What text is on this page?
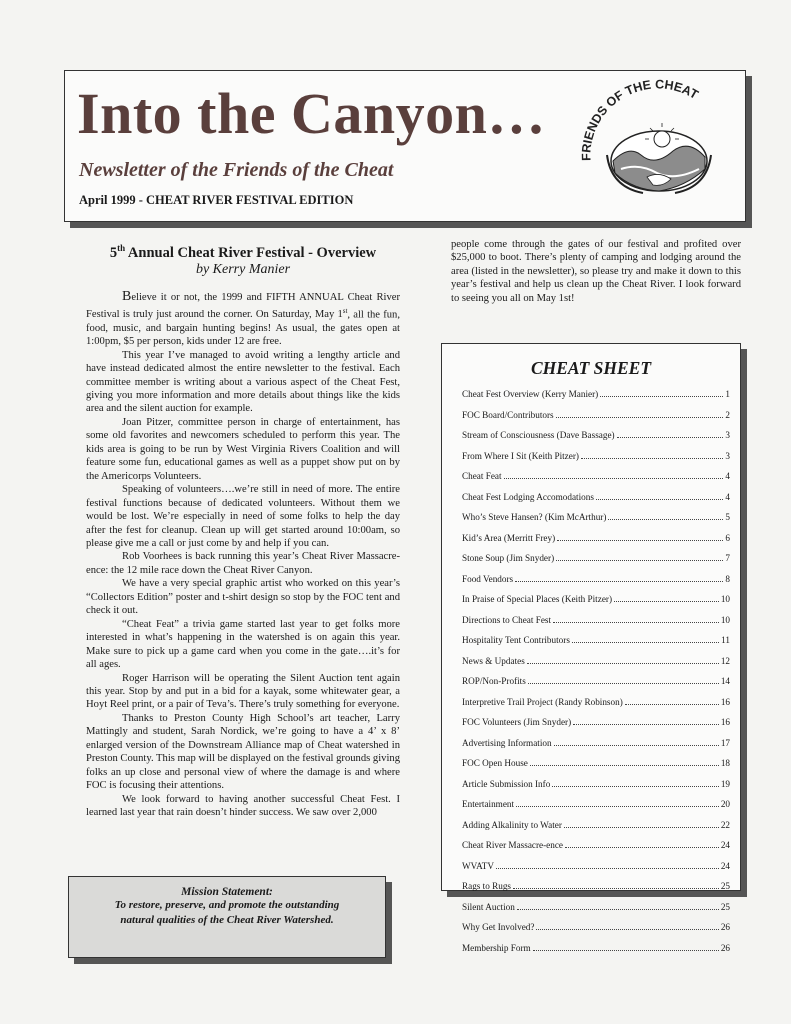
Into the Canyon…
Newsletter of the Friends of the Cheat
April 1999 - CHEAT RIVER FESTIVAL EDITION
FRIENDS OF THE CHEAT
5th Annual Cheat River Festival - Overview
by Kerry Manier

Believe it or not, the 1999 and FIFTH ANNUAL Cheat River Festival is truly just around the corner. On Saturday, May 1st, all the fun, food, music, and bargain hunting begins! As usual, the gates open at 1:00pm, $5 per person, kids under 12 are free.

This year I’ve managed to avoid writing a lengthy article and have instead dedicated almost the entire newsletter to the festival. Each committee member is writing about a various aspect of the Cheat Fest, giving you more information and more details about things like the kids area and the silent auction for example.

Joan Pitzer, committee person in charge of entertainment, has some old favorites and newcomers scheduled to perform this year. The kids area is going to be run by West Virginia Rivers Coalition and will feature some fun, educational games as well as a puppet show put on by the Americorps Volunteers.

Speaking of volunteers….we’re still in need of more. The entire festival functions because of dedicated volunteers. Without them we would be lost. We’re especially in need of some folks to help the day after the fest for cleanup. Clean up will get started around 10:00am, so please give me a call or just come by and help if you can.

Rob Voorhees is back running this year’s Cheat River Massacre-ence: the 12 mile race down the Cheat River Canyon.

We have a very special graphic artist who worked on this year’s “Collectors Edition” poster and t-shirt design so stop by the FOC tent and check it out.

“Cheat Feat” a trivia game started last year to get folks more interested in what’s happening in the watershed is on again this year. Make sure to pick up a game card when you come in the gate….it’s for all ages.

Roger Harrison will be operating the Silent Auction tent again this year. Stop by and put in a bid for a kayak, some whitewater gear, a Hoyt Reel print, or a pair of Teva’s. There’s truly something for everyone.

Thanks to Preston County High School’s art teacher, Larry Mattingly and student, Sarah Nordick, we’re going to have a 4’ x 8’ enlarged version of the Downstream Alliance map of Cheat watershed in Preston County. This map will be displayed on the festival grounds giving folks an up close and personal view of where the damage is and where FOC is focusing their attentions.

We look forward to having another successful Cheat Fest. I learned last year that rain doesn’t hinder success. We saw over 2,000

people come through the gates of our festival and profited over $25,000 to boot. There’s plenty of camping and lodging around the area (listed in the newsletter), so please try and make it down to this year’s festival and help us clean up the Cheat River. I look forward to seeing you all on May 1st!

CHEAT SHEET
Cheat Fest Overview (Kerry Manier)	1
FOC Board/Contributors	2
Stream of Consciousness (Dave Bassage)	3
From Where I Sit (Keith Pitzer)	3
Cheat Feat	4
Cheat Fest Lodging Accomodations	4
Who’s Steve Hansen? (Kim McArthur)	5
Kid’s Area (Merritt Frey)	6
Stone Soup (Jim Snyder)	7
Food Vendors	8
In Praise of Special Places (Keith Pitzer)	10
Directions to Cheat Fest	10
Hospitality Tent Contributors	11
News & Updates	12
ROP/Non-Profits	14
Interpretive Trail Project (Randy Robinson)	16
FOC Volunteers (Jim Snyder)	16
Advertising Information	17
FOC Open House	18
Article Submission Info	19
Entertainment	20
Adding Alkalinity to Water	22
Cheat River Massacre-ence	24
WVATV	24
Rags to Rugs	25
Silent Auction	25
Why Get Involved?	26
Membership Form	26
Mission Statement:
To restore, preserve, and promote the outstanding natural qualities of the Cheat River Watershed.
